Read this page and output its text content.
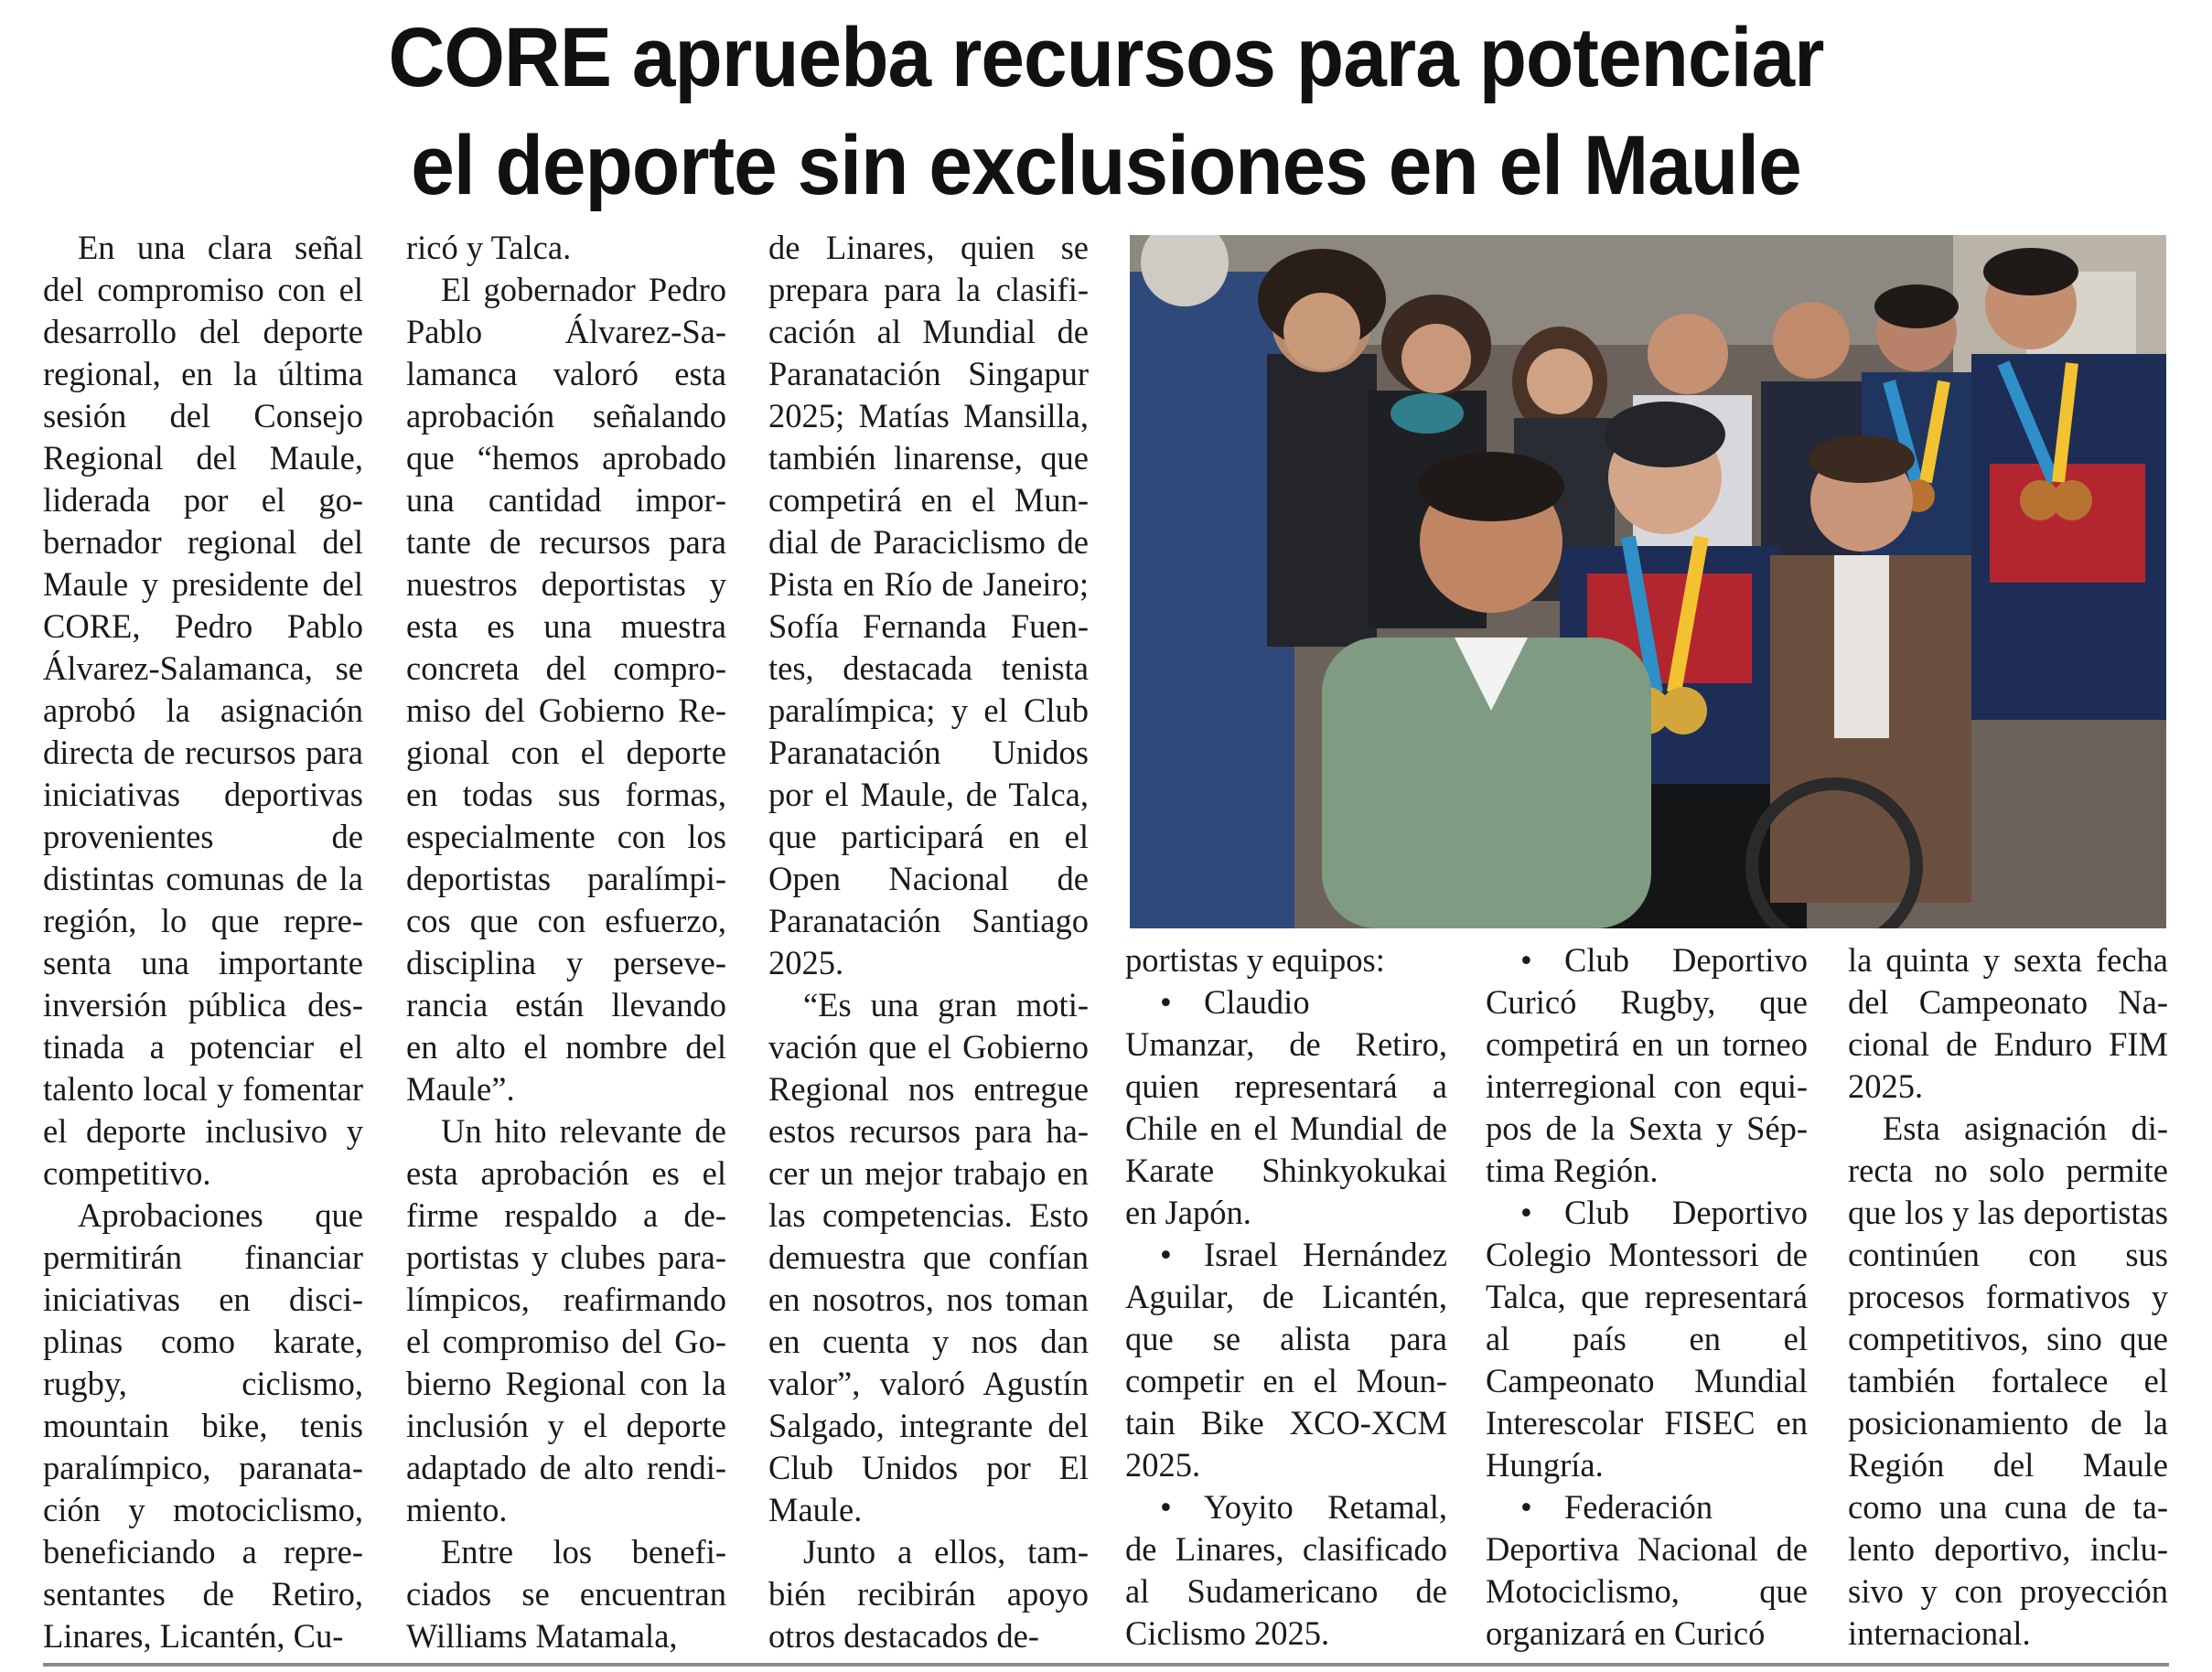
CORE aprueba recursos para potenciar
el deporte sin exclusiones en el Maule

En una clara señal del compromiso con el desarrollo del deporte regional, en la última sesión del Consejo Regional del Maule, liderada por el gobernador regional del Maule y presidente del CORE, Pedro Pablo Álvarez-Salamanca, se aprobó la asignación directa de recursos para iniciativas deportivas provenientes de distintas comunas de la región, lo que representa una importante inversión pública destinada a potenciar el talento local y fomentar el deporte inclusivo y competitivo.

Aprobaciones que permitirán financiar iniciativas en disciplinas como karate, rugby, ciclismo, mountain bike, tenis paralímpico, paranatación y motociclismo, beneficiando a representantes de Retiro, Linares, Licantén, Cu-

ricó y Talca.

El gobernador Pedro Pablo Álvarez-Salamanca valoró esta aprobación señalando que “hemos aprobado una cantidad importante de recursos para nuestros deportistas y esta es una muestra concreta del compromiso del Gobierno Regional con el deporte en todas sus formas, especialmente con los deportistas paralímpicos que con esfuerzo, disciplina y perseverancia están llevando en alto el nombre del Maule”.

Un hito relevante de esta aprobación es el firme respaldo a deportistas y clubes paralímpicos, reafirmando el compromiso del Gobierno Regional con la inclusión y el deporte adaptado de alto rendimiento.

Entre los beneficiados se encuentran Williams Matamala,

de Linares, quien se prepara para la clasificación al Mundial de Paranatación Singapur 2025; Matías Mansilla, también linarense, que competirá en el Mundial de Paraciclismo de Pista en Río de Janeiro; Sofía Fernanda Fuentes, destacada tenista paralímpica; y el Club Paranatación Unidos por el Maule, de Talca, que participará en el Open Nacional de Paranatación Santiago 2025.

“Es una gran motivación que el Gobierno Regional nos entregue estos recursos para hacer un mejor trabajo en las competencias. Esto demuestra que confían en nosotros, nos toman en cuenta y nos dan valor”, valoró Agustín Salgado, integrante del Club Unidos por El Maule.

Junto a ellos, también recibirán apoyo otros destacados de-

portistas y equipos:

• Claudio Umanzar, de Retiro, quien representará a Chile en el Mundial de Karate Shinkyokukai en Japón.
• Israel Hernández Aguilar, de Licantén, que se alista para competir en el Mountain Bike XCO-XCM 2025.
• Yoyito Retamal, de Linares, clasificado al Sudamericano de Ciclismo 2025.
• Club Deportivo Curicó Rugby, que competirá en un torneo interregional con equipos de la Sexta y Séptima Región.
• Club Deportivo Colegio Montessori de Talca, que representará al país en el Campeonato Mundial Interescolar FISEC en Hungría.
• Federación Deportiva Nacional de Motociclismo, que organizará en Curicó

la quinta y sexta fecha del Campeonato Nacional de Enduro FIM 2025.

Esta asignación directa no solo permite que los y las deportistas continúen con sus procesos formativos y competitivos, sino que también fortalece el posicionamiento de la Región del Maule como una cuna de talento deportivo, inclusivo y con proyección internacional.
